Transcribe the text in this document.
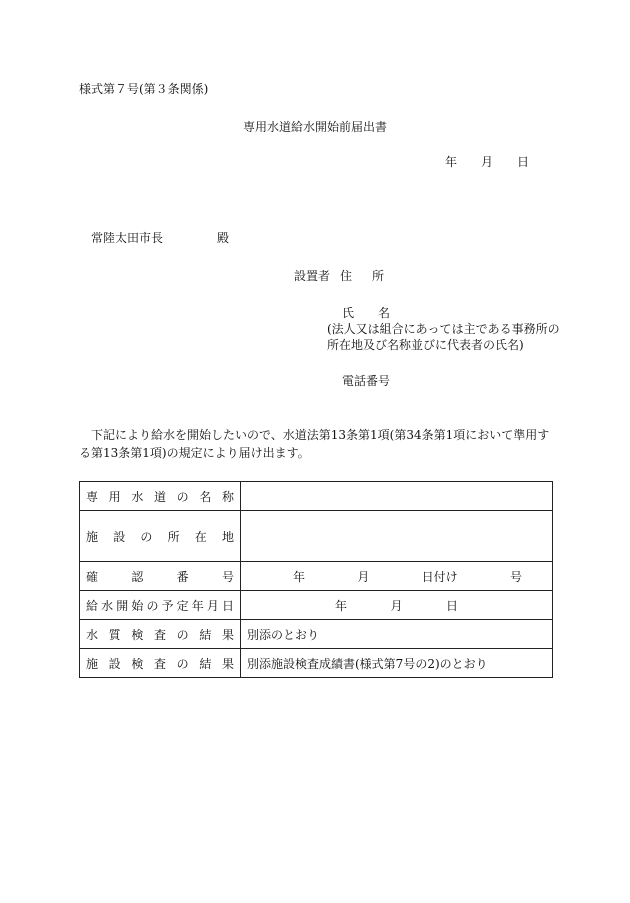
様式第７号(第３条関係)
専用水道給水開始前届出書
年 月 日
常陸太田市長	殿
設置者 住 所
氏 名
(法人又は組合にあっては主である事務所の所在地及び名称並びに代表者の氏名)
電話番号
下記により給水を開始したいので、水道法第13条第1項(第34条第1項において準用する第13条第1項)の規定により届け出ます。
専用水道の名称	
施設の所在地	
確認番号	年 月 日付け 号

給水開始の予定年月日	年 月 日

水質検査の結果	別添のとおり
施設検査の結果	別添施設検査成績書(様式第7号の2)のとおり
